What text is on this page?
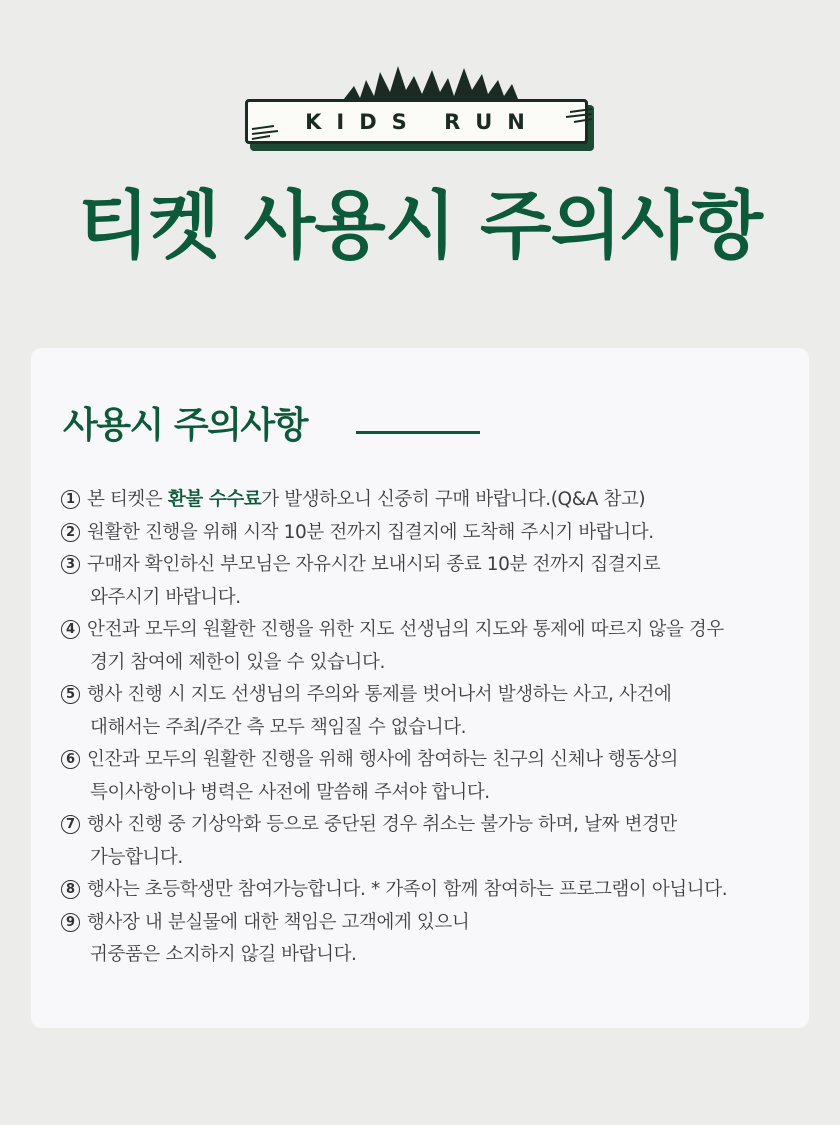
KIDS RUN
티켓 사용시 주의사항
사용시 주의사항
1 본 티켓은 환불 수수료가 발생하오니 신중히 구매 바랍니다.(Q&A 참고)
2 원활한 진행을 위해 시작 10분 전까지 집결지에 도착해 주시기 바랍니다.
3 구매자 확인하신 부모님은 자유시간 보내시되 종료 10분 전까지 집결지로
와주시기 바랍니다.
4 안전과 모두의 원활한 진행을 위한 지도 선생님의 지도와 통제에 따르지 않을 경우
경기 참여에 제한이 있을 수 있습니다.
5 행사 진행 시 지도 선생님의 주의와 통제를 벗어나서 발생하는 사고, 사건에
대해서는 주최/주간 측 모두 책임질 수 없습니다.
6 인잔과 모두의 원활한 진행을 위해 행사에 참여하는 친구의 신체나 행동상의
특이사항이나 병력은 사전에 말씀해 주셔야 합니다.
7 행사 진행 중 기상악화 등으로 중단된 경우 취소는 불가능 하며, 날짜 변경만
가능합니다.
8 행사는 초등학생만 참여가능합니다. * 가족이 함께 참여하는 프로그램이 아닙니다.
9 행사장 내 분실물에 대한 책임은 고객에게 있으니
귀중품은 소지하지 않길 바랍니다.
